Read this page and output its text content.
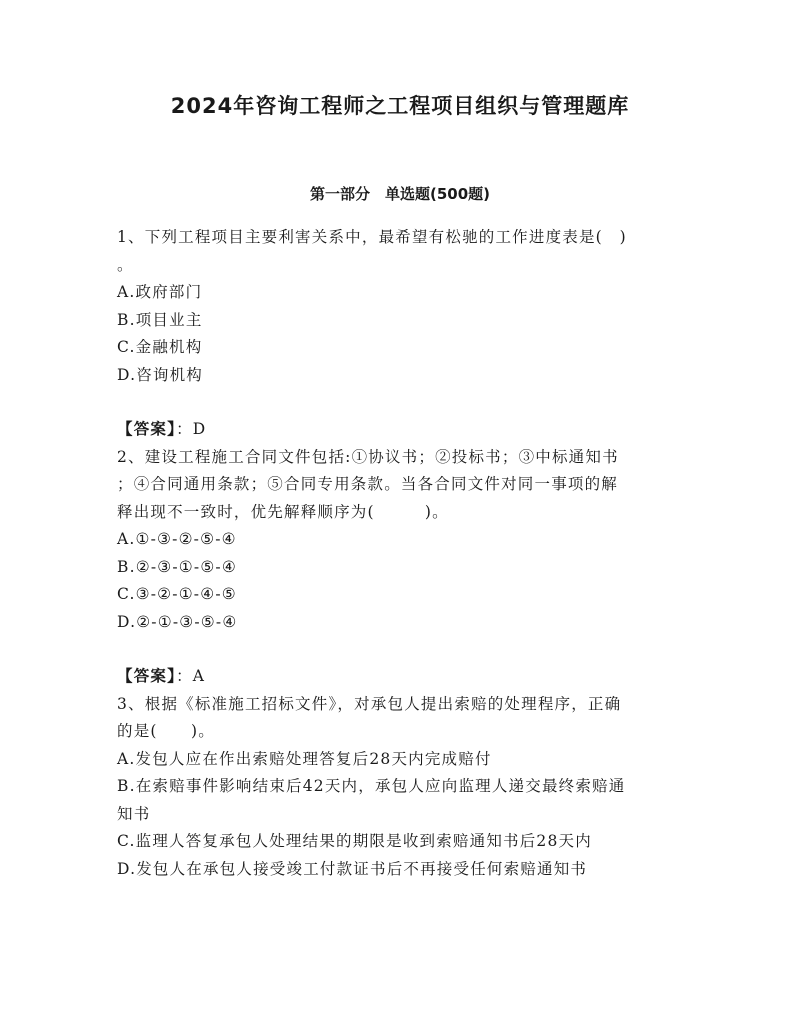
2024年咨询工程师之工程项目组织与管理题库
第一部分　单选题(500题)
1、下列工程项目主要利害关系中，最希望有松驰的工作进度表是(　)
。
A.政府部门
B.项目业主
C.金融机构
D.咨询机构
【答案】：D
2、建设工程施工合同文件包括:①协议书；②投标书；③中标通知书
；④合同通用条款；⑤合同专用条款。当各合同文件对同一事项的解
释出现不一致时，优先解释顺序为(　　　)。
A.①-③-②-⑤-④
B.②-③-①-⑤-④
C.③-②-①-④-⑤
D.②-①-③-⑤-④
【答案】：A
3、根据《标准施工招标文件》，对承包人提出索赔的处理程序，正确
的是(　　)。
A.发包人应在作出索赔处理答复后28天内完成赔付
B.在索赔事件影响结束后42天内，承包人应向监理人递交最终索赔通
知书
C.监理人答复承包人处理结果的期限是收到索赔通知书后28天内
D.发包人在承包人接受竣工付款证书后不再接受任何索赔通知书
